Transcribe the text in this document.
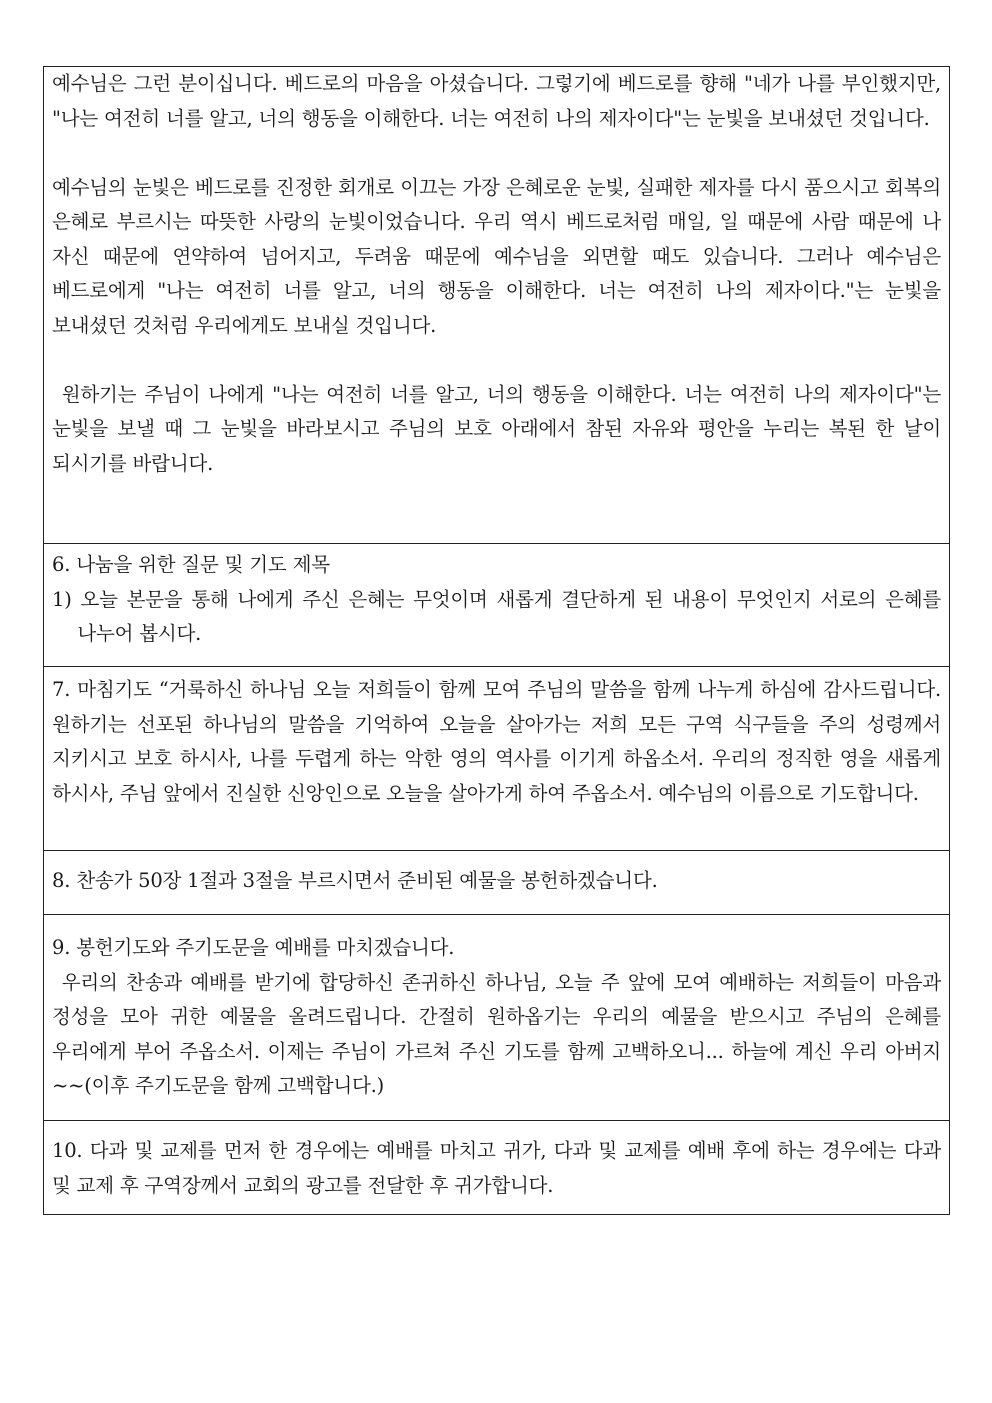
예수님은 그런 분이십니다. 베드로의 마음을 아셨습니다. 그렇기에 베드로를 향해 "네가 나를 부인했지만, "나는 여전히 너를 알고, 너의 행동을 이해한다. 너는 여전히 나의 제자이다"는 눈빛을 보내셨던 것입니다.

예수님의 눈빛은 베드로를 진정한 회개로 이끄는 가장 은혜로운 눈빛, 실패한 제자를 다시 품으시고 회복의 은혜로 부르시는 따뜻한 사랑의 눈빛이었습니다. 우리 역시 베드로처럼 매일, 일 때문에 사람 때문에 나 자신 때문에 연약하여 넘어지고, 두려움 때문에 예수님을 외면할 때도 있습니다. 그러나 예수님은 베드로에게 "나는 여전히 너를 알고, 너의 행동을 이해한다. 너는 여전히 나의 제자이다."는 눈빛을 보내셨던 것처럼 우리에게도 보내실 것입니다.

원하기는 주님이 나에게 "나는 여전히 너를 알고, 너의 행동을 이해한다. 너는 여전히 나의 제자이다"는 눈빛을 보낼 때 그 눈빛을 바라보시고 주님의 보호 아래에서 참된 자유와 평안을 누리는 복된 한 날이 되시기를 바랍니다.

6. 나눔을 위한 질문 및 기도 제목

1) 오늘 본문을 통해 나에게 주신 은혜는 무엇이며 새롭게 결단하게 된 내용이 무엇인지 서로의 은혜를 나누어 봅시다.

7. 마침기도 “거룩하신 하나님 오늘 저희들이 함께 모여 주님의 말씀을 함께 나누게 하심에 감사드립니다. 원하기는 선포된 하나님의 말씀을 기억하여 오늘을 살아가는 저희 모든 구역 식구들을 주의 성령께서 지키시고 보호 하시사, 나를 두렵게 하는 악한 영의 역사를 이기게 하옵소서. 우리의 정직한 영을 새롭게 하시사, 주님 앞에서 진실한 신앙인으로 오늘을 살아가게 하여 주옵소서. 예수님의 이름으로 기도합니다.

8. 찬송가 50장 1절과 3절을 부르시면서 준비된 예물을 봉헌하겠습니다.

9. 봉헌기도와 주기도문을 예배를 마치겠습니다.

우리의 찬송과 예배를 받기에 합당하신 존귀하신 하나님, 오늘 주 앞에 모여 예배하는 저희들이 마음과 정성을 모아 귀한 예물을 올려드립니다. 간절히 원하옵기는 우리의 예물을 받으시고 주님의 은혜를 우리에게 부어 주옵소서. 이제는 주님이 가르쳐 주신 기도를 함께 고백하오니... 하늘에 계신 우리 아버지~~(이후 주기도문을 함께 고백합니다.)

10. 다과 및 교제를 먼저 한 경우에는 예배를 마치고 귀가, 다과 및 교제를 예배 후에 하는 경우에는 다과 및 교제 후 구역장께서 교회의 광고를 전달한 후 귀가합니다.
